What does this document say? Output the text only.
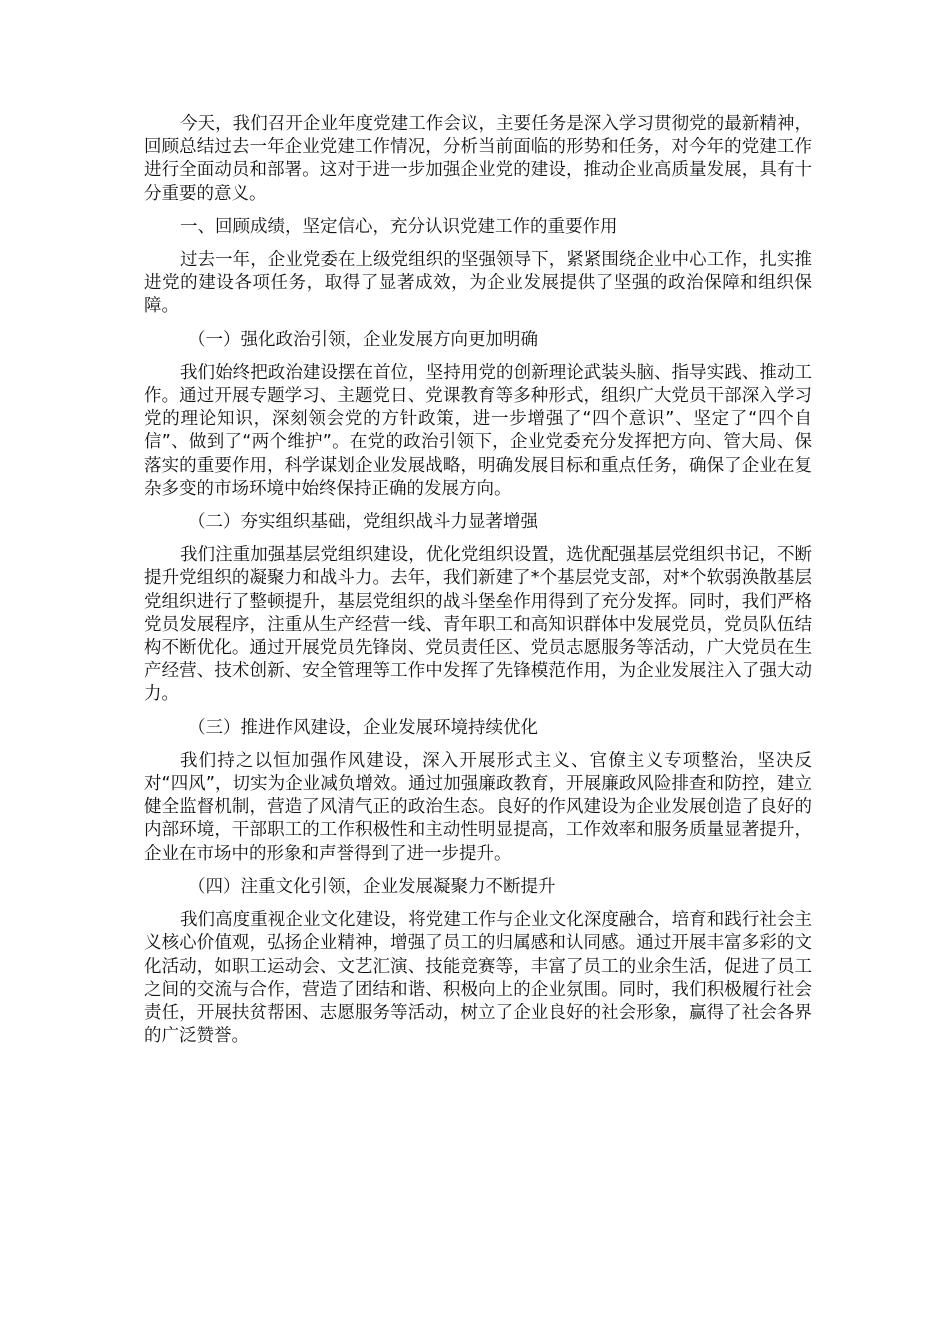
今天，我们召开企业年度党建工作会议，主要任务是深入学习贯彻党的最新精神，回顾总结过去一年企业党建工作情况，分析当前面临的形势和任务，对今年的党建工作进行全面动员和部署。这对于进一步加强企业党的建设，推动企业高质量发展，具有十分重要的意义。

一、回顾成绩，坚定信心，充分认识党建工作的重要作用

过去一年，企业党委在上级党组织的坚强领导下，紧紧围绕企业中心工作，扎实推进党的建设各项任务，取得了显著成效，为企业发展提供了坚强的政治保障和组织保障。

（一）强化政治引领，企业发展方向更加明确

我们始终把政治建设摆在首位，坚持用党的创新理论武装头脑、指导实践、推动工作。通过开展专题学习、主题党日、党课教育等多种形式，组织广大党员干部深入学习党的理论知识，深刻领会党的方针政策，进一步增强了“四个意识”、坚定了“四个自信”、做到了“两个维护”。在党的政治引领下，企业党委充分发挥把方向、管大局、保落实的重要作用，科学谋划企业发展战略，明确发展目标和重点任务，确保了企业在复杂多变的市场环境中始终保持正确的发展方向。

（二）夯实组织基础，党组织战斗力显著增强

我们注重加强基层党组织建设，优化党组织设置，选优配强基层党组织书记，不断提升党组织的凝聚力和战斗力。去年，我们新建了*个基层党支部，对*个软弱涣散基层党组织进行了整顿提升，基层党组织的战斗堡垒作用得到了充分发挥。同时，我们严格党员发展程序，注重从生产经营一线、青年职工和高知识群体中发展党员，党员队伍结构不断优化。通过开展党员先锋岗、党员责任区、党员志愿服务等活动，广大党员在生产经营、技术创新、安全管理等工作中发挥了先锋模范作用，为企业发展注入了强大动力。

（三）推进作风建设，企业发展环境持续优化

我们持之以恒加强作风建设，深入开展形式主义、官僚主义专项整治，坚决反对“四风”，切实为企业减负增效。通过加强廉政教育，开展廉政风险排查和防控，建立健全监督机制，营造了风清气正的政治生态。良好的作风建设为企业发展创造了良好的内部环境，干部职工的工作积极性和主动性明显提高，工作效率和服务质量显著提升，企业在市场中的形象和声誉得到了进一步提升。

（四）注重文化引领，企业发展凝聚力不断提升

我们高度重视企业文化建设，将党建工作与企业文化深度融合，培育和践行社会主义核心价值观，弘扬企业精神，增强了员工的归属感和认同感。通过开展丰富多彩的文化活动，如职工运动会、文艺汇演、技能竞赛等，丰富了员工的业余生活，促进了员工之间的交流与合作，营造了团结和谐、积极向上的企业氛围。同时，我们积极履行社会责任，开展扶贫帮困、志愿服务等活动，树立了企业良好的社会形象，赢得了社会各界的广泛赞誉。
